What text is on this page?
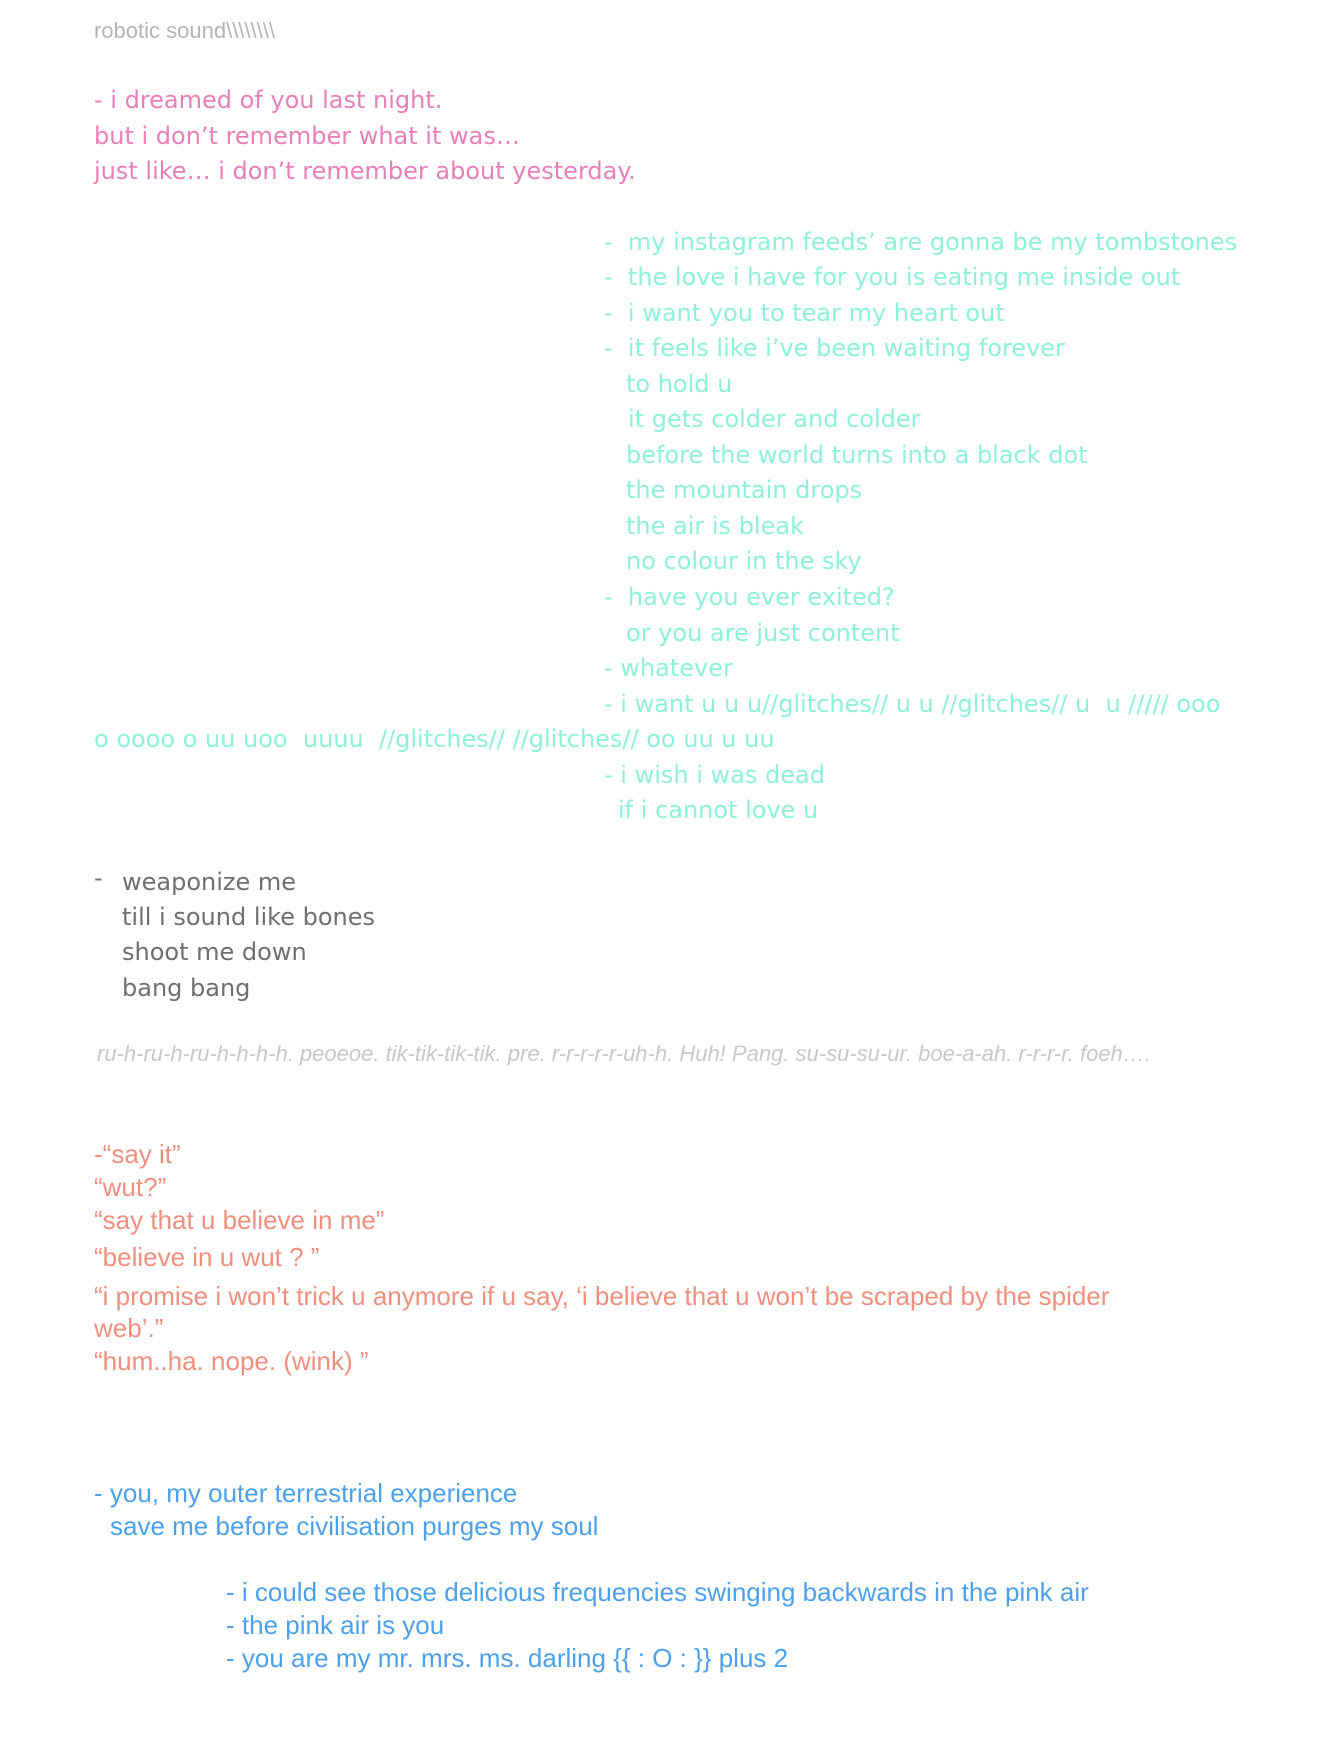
robotic sound\\\\\\\\

- i dreamed of you last night.

but i don’t remember what it was…

just like… i don’t remember about yesterday.

-  my instagram feeds’ are gonna be my tombstones

-  the love i have for you is eating me inside out

-  i want you to tear my heart out

-  it feels like i’ve been waiting forever

to hold u

it gets colder and colder

before the world turns into a black dot

the mountain drops

the air is bleak

no colour in the sky

-  have you ever exited?

or you are just content

- whatever

- i want u u u//glitches// u u //glitches// u  u ///// ooo

o oooo o uu uoo  uuuu  //glitches// //glitches// oo uu u uu

- i wish i was dead

if i cannot love u

- weaponize me

till i sound like bones

shoot me down

bang bang

ru-h-ru-h-ru-h-h-h-h. peoeoe. tik-tik-tik-tik. pre. r-r-r-r-r-uh-h. Huh! Pang. su-su-su-ur. boe-a-ah. r-r-r-r. foeh….

-“say it”

“wut?”

“say that u believe in me”

“believe in u wut ? ”

“i promise i won’t trick u anymore if u say, ‘i believe that u won’t be scraped by the spider

web’.”

“hum..ha. nope. (wink) ”

- you, my outer terrestrial experience

save me before civilisation purges my soul

- i could see those delicious frequencies swinging backwards in the pink air

- the pink air is you

- you are my mr. mrs. ms. darling {{ : O : }} plus 2
